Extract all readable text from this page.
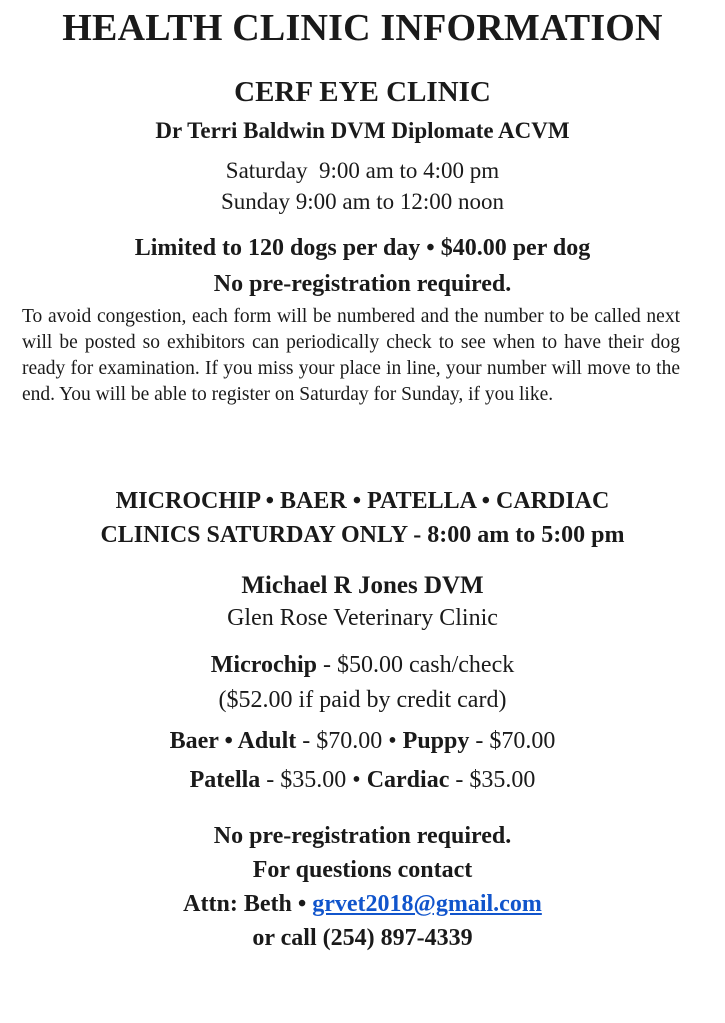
HEALTH CLINIC INFORMATION
CERF EYE CLINIC
Dr Terri Baldwin DVM Diplomate ACVM
Saturday  9:00 am to 4:00 pm
Sunday 9:00 am to 12:00 noon
Limited to 120 dogs per day • $40.00 per dog
No pre-registration required.
To avoid congestion, each form will be numbered and the number to be called next will be posted so exhibitors can periodically check to see when to have their dog ready for examination. If you miss your place in line, your number will move to the end. You will be able to register on Saturday for Sunday, if you like.
MICROCHIP • BAER • PATELLA • CARDIAC
CLINICS SATURDAY ONLY - 8:00 am to 5:00 pm
Michael R Jones DVM
Glen Rose Veterinary Clinic
Microchip - $50.00 cash/check
($52.00 if paid by credit card)
Baer • Adult - $70.00 • Puppy - $70.00
Patella - $35.00 • Cardiac - $35.00
No pre-registration required.
For questions contact
Attn: Beth • grvet2018@gmail.com
or call (254) 897-4339
